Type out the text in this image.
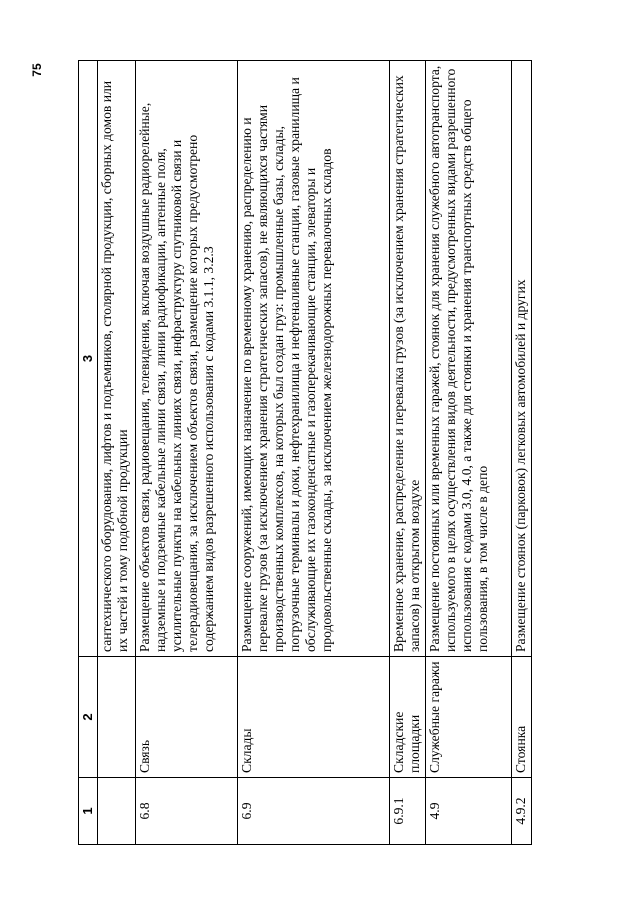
75
1	2	3
		сантехнического оборудования, лифтов и подъемников, столярной продукции, сборных домов или их частей и тому подобной продукции
6.8	Связь	Размещение объектов связи, радиовещания, телевидения, включая воздушные радиорелейные, надземные и подземные кабельные линии связи, линии радиофикации, антенные поля, усилительные пункты на кабельных линиях связи, инфраструктуру спутниковой связи и телерадиовещания, за исключением объектов связи, размещение которых предусмотрено содержанием видов разрешенного использования с кодами 3.1.1, 3.2.3
6.9	Склады	Размещение сооружений, имеющих назначение по временному хранению, распределению и перевалке грузов (за исключением хранения стратегических запасов), не являющихся частями производственных комплексов, на которых был создан груз: промышленные базы, склады, погрузочные терминалы и доки, нефтехранилища и нефтеналивные станции, газовые хранилища и обслуживающие их газоконденсатные и газоперекачивающие станции, элеваторы и продовольственные склады, за исключением железнодорожных перевалочных складов
6.9.1	Складские площадки	Временное хранение, распределение и перевалка грузов (за исключением хранения стратегических запасов) на открытом воздухе
4.9	Служебные гаражи	Размещение постоянных или временных гаражей, стоянок для хранения служебного автотранспорта, используемого в целях осуществления видов деятельности, предусмотренных видами разрешенного использования с кодами 3.0, 4.0, а также для стоянки и хранения транспортных средств общего пользования, в том числе в депо
4.9.2	Стоянка	Размещение стоянок (парковок) легковых автомобилей и других
